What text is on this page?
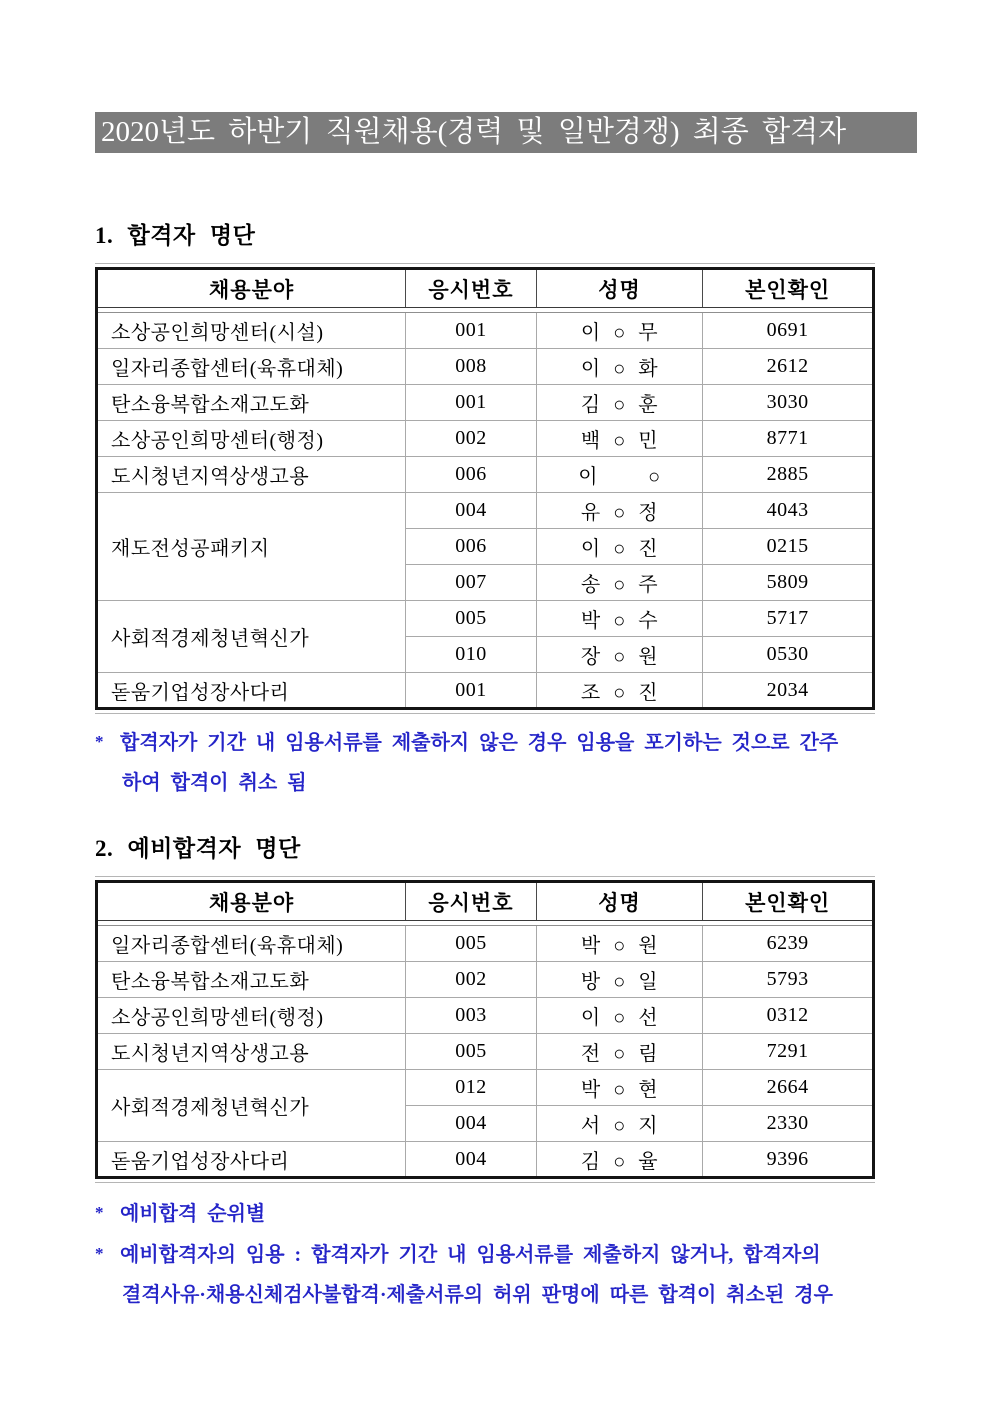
2020년도 하반기 직원채용(경력 및 일반경쟁) 최종 합격자
1. 합격자 명단
채용분야	응시번호	성명	본인확인

소상공인희망센터(시설)	001	이 ○ 무	0691
일자리종합센터(육휴대체)	008	이 ○ 화	2612
탄소융복합소재고도화	001	김 ○ 훈	3030
소상공인희망센터(행정)	002	백 ○ 민	8771
도시청년지역상생고용	006	이    ○	2885
재도전성공패키지	004	유 ○ 정	4043
	006	이 ○ 진	0215
	007	송 ○ 주	5809
사회적경제청년혁신가	005	박 ○ 수	5717
	010	장 ○ 원	0530
돋움기업성장사다리	001	조 ○ 진	2034
* 합격자가 기간 내 임용서류를 제출하지 않은 경우 임용을 포기하는 것으로 간주
하여 합격이 취소 됨
2. 예비합격자 명단
채용분야	응시번호	성명	본인확인

일자리종합센터(육휴대체)	005	박 ○ 원	6239
탄소융복합소재고도화	002	방 ○ 일	5793
소상공인희망센터(행정)	003	이 ○ 선	0312
도시청년지역상생고용	005	전 ○ 림	7291
사회적경제청년혁신가	012	박 ○ 현	2664
	004	서 ○ 지	2330
돋움기업성장사다리	004	김 ○ 율	9396
* 예비합격 순위별
* 예비합격자의 임용 : 합격자가 기간 내 임용서류를 제출하지 않거나, 합격자의
결격사유·채용신체검사불합격·제출서류의 허위 판명에 따른 합격이 취소된 경우
